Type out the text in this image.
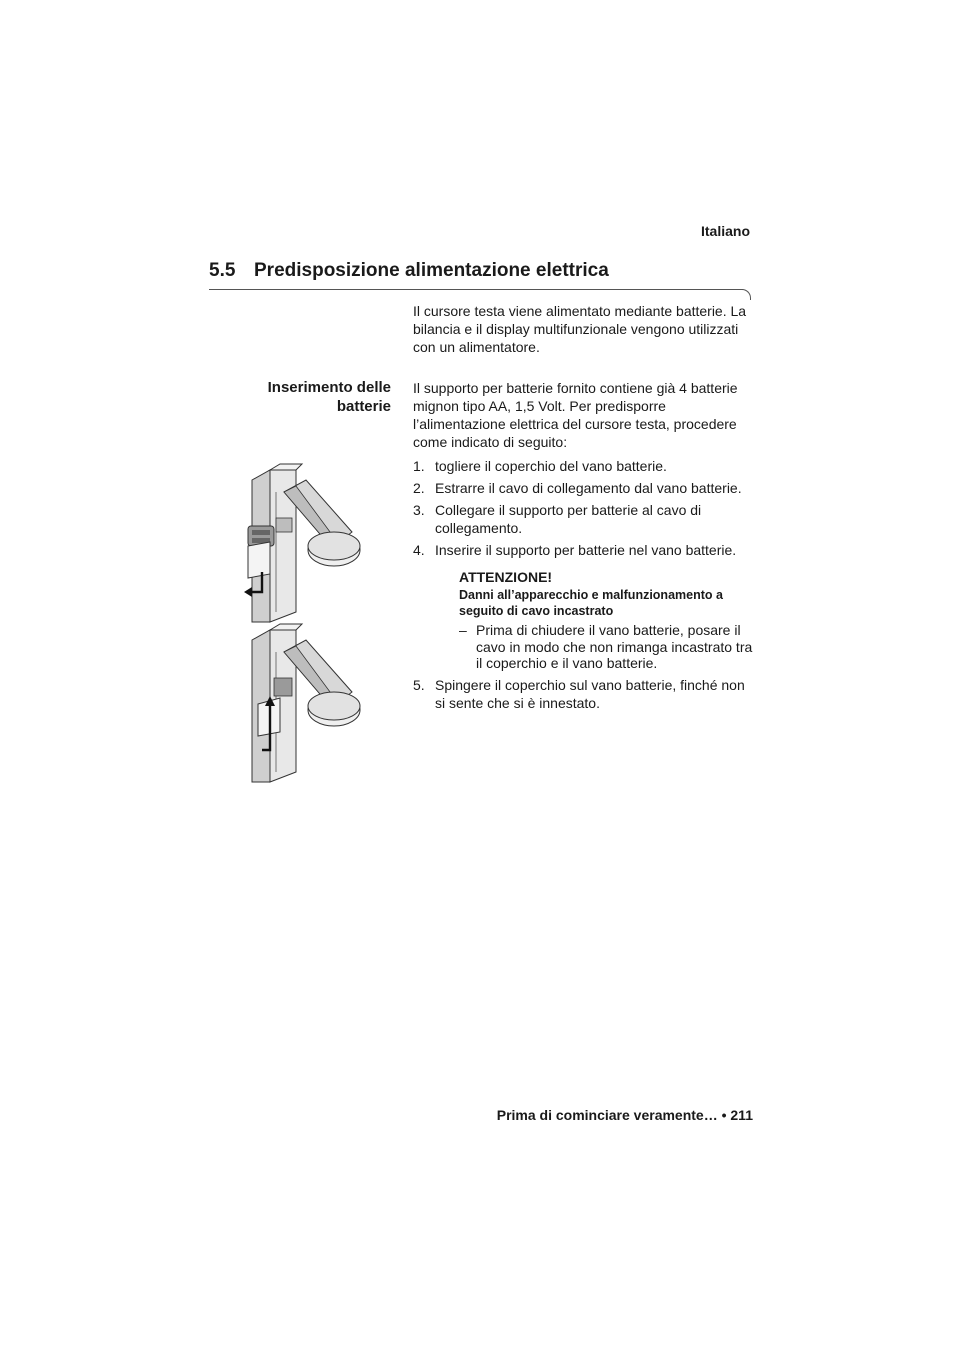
Italiano
5.5 Predisposizione alimentazione elettrica
Il cursore testa viene alimentato mediante batterie. La bilancia e il display multifunzionale vengono utilizzati con un alimentatore.
Inserimento delle batterie
Il supporto per batterie fornito contiene già 4 batterie mignon tipo AA, 1,5 Volt. Per predisporre l’alimentazione elettrica del cursore testa, procedere come indicato di seguito:
1. togliere il coperchio del vano batterie.
2. Estrarre il cavo di collegamento dal vano batterie.
3. Collegare il supporto per batterie al cavo di collegamento.
4. Inserire il supporto per batterie nel vano batterie.
ATTENZIONE!
Danni all’apparecchio e malfunzionamento a seguito di cavo incastrato
– Prima di chiudere il vano batterie, posare il cavo in modo che non rimanga incastrato tra il coperchio e il vano batterie.
5. Spingere il coperchio sul vano batterie, finché non si sente che si è innestato.
Prima di cominciare veramente… • 211
